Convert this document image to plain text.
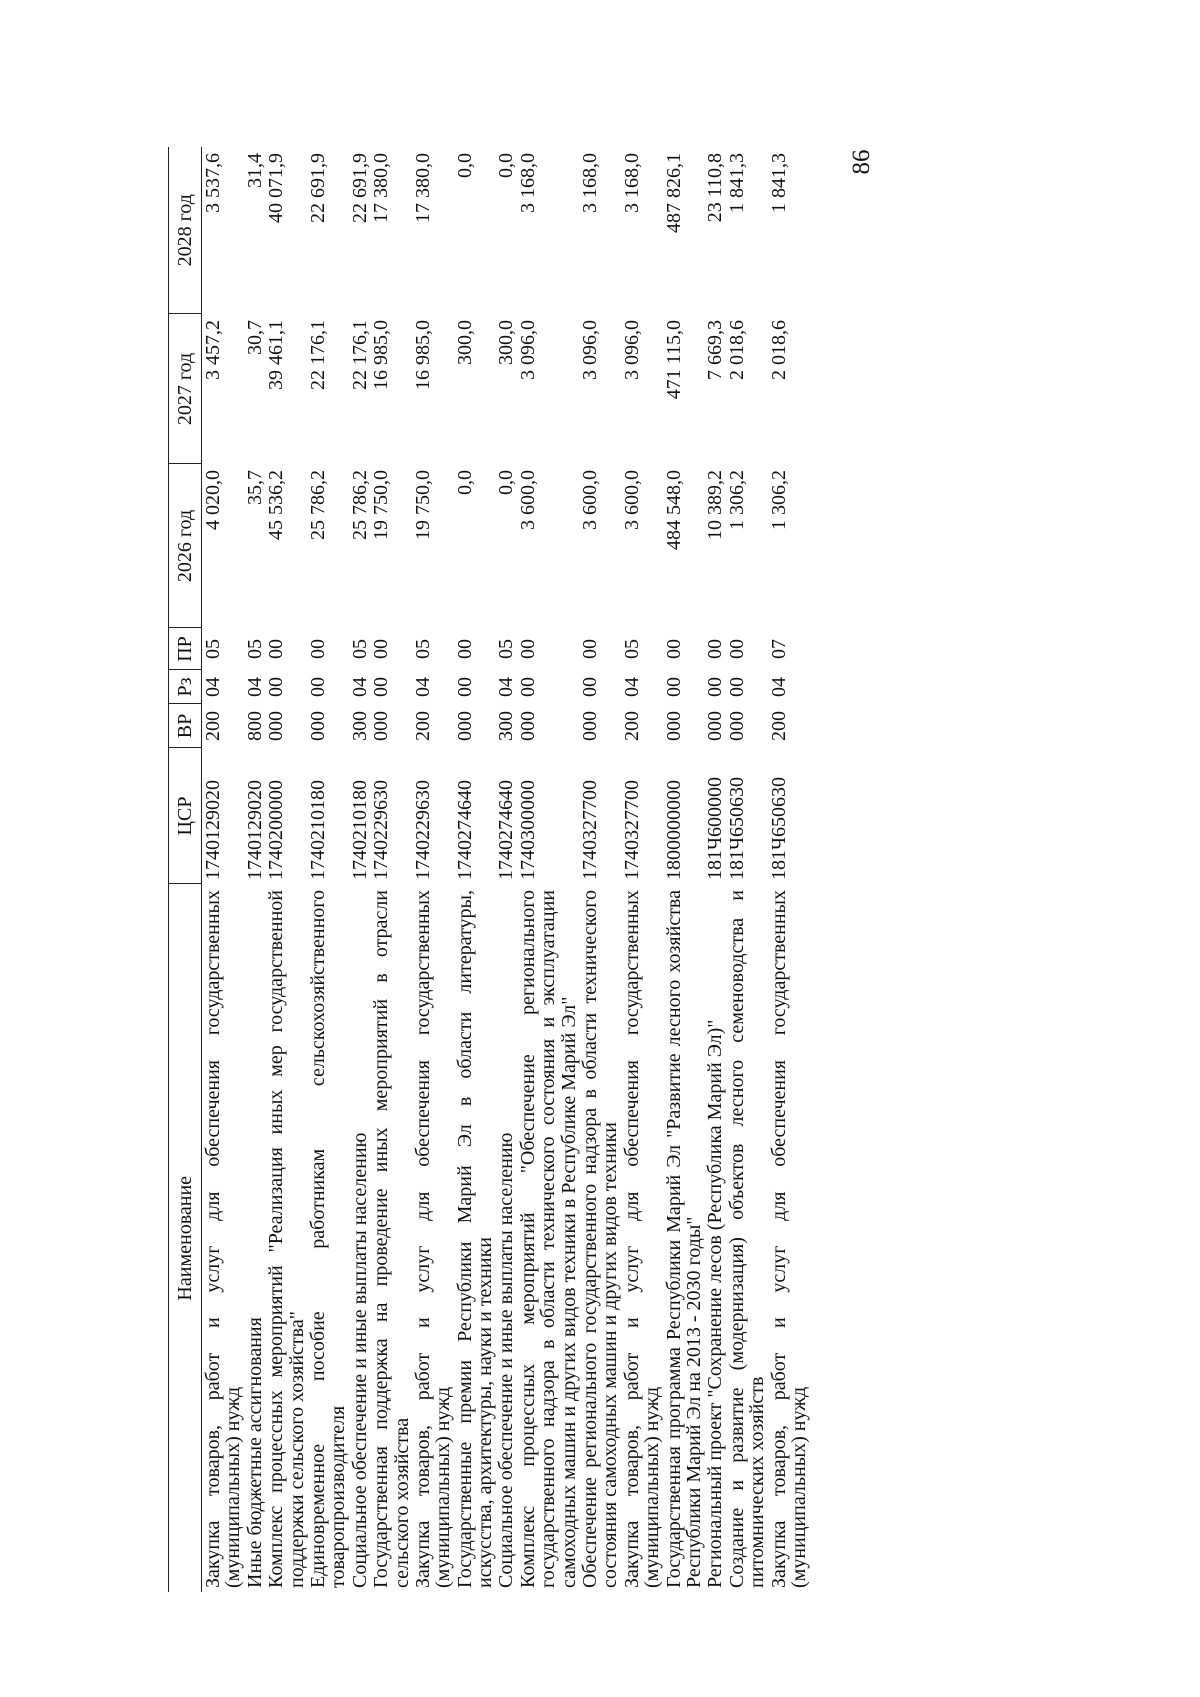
86
Наименование	ЦСР	ВР	Рз	ПР	2026 год	2027 год	2028 год
Закупка товаров, работ и услуг для обеспечения государственных (муниципальных) нужд	1740129020	200	04	05	4 020,0	3 457,2	3 537,6

Иные бюджетные ассигнования	1740129020	800	04	05	35,7	30,7	31,4

Комплекс процессных мероприятий "Реализация иных мер государственной поддержки сельского хозяйства"	1740200000	000	00	00	45 536,2	39 461,1	40 071,9

Единовременное пособие работникам сельскохозяйственного товаропроизводителя	1740210180	000	00	00	25 786,2	22 176,1	22 691,9

Социальное обеспечение и иные выплаты населению	1740210180	300	04	05	25 786,2	22 176,1	22 691,9

Государственная поддержка на проведение иных мероприятий в отрасли сельского хозяйства	1740229630	000	00	00	19 750,0	16 985,0	17 380,0

Закупка товаров, работ и услуг для обеспечения государственных (муниципальных) нужд	1740229630	200	04	05	19 750,0	16 985,0	17 380,0

Государственные премии Республики Марий Эл в области литературы, искусства, архитектуры, науки и техники	1740274640	000	00	00	0,0	300,0	0,0

Социальное обеспечение и иные выплаты населению	1740274640	300	04	05	0,0	300,0	0,0

Комплекс процессных мероприятий "Обеспечение регионального государственного надзора в области технического состояния и эксплуатации самоходных машин и других видов техники в Республике Марий Эл"	1740300000	000	00	00	3 600,0	3 096,0	3 168,0

Обеспечение регионального государственного надзора в области технического состояния самоходных машин и других видов техники	1740327700	000	00	00	3 600,0	3 096,0	3 168,0

Закупка товаров, работ и услуг для обеспечения государственных (муниципальных) нужд	1740327700	200	04	05	3 600,0	3 096,0	3 168,0

Государственная программа Республики Марий Эл "Развитие лесного хозяйства Республики Марий Эл на 2013 - 2030 годы"	1800000000	000	00	00	484 548,0	471 115,0	487 826,1

Региональный проект "Сохранение лесов (Республика Марий Эл)"	181Ч600000	000	00	00	10 389,2	7 669,3	23 110,8

Создание и развитие (модернизация) объектов лесного семеноводства и питомнических хозяйств	181Ч650630	000	00	00	1 306,2	2 018,6	1 841,3

Закупка товаров, работ и услуг для обеспечения государственных (муниципальных) нужд	181Ч650630	200	04	07	1 306,2	2 018,6	1 841,3
